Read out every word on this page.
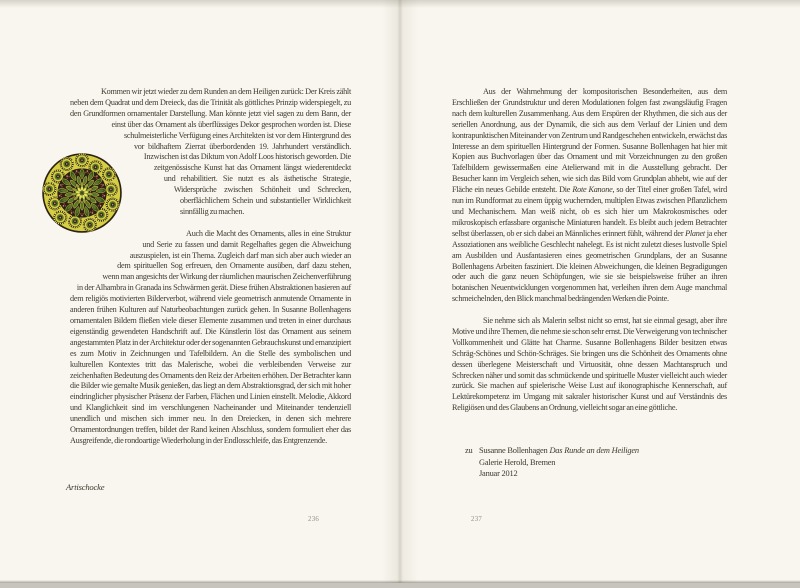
Kommen wir jetzt wieder zu dem Runden an dem Heiligen zurück: Der Kreis zählt neben dem Quadrat und dem Dreieck, das die Trinität als göttliches Prinzip widerspiegelt, zu den Grundformen ornamentaler Darstellung. Man könnte jetzt viel sagen zu dem Bann, der einst über das Ornament als überflüssiges Dekor gesprochen worden ist. Diese schulmeisterliche Verfügung eines Architekten ist vor dem Hintergrund des vor bildhaftem Zierrat überbordenden 19. Jahrhundert verständlich. Inzwischen ist das Diktum von Adolf Loos historisch geworden. Die zeitgenössische Kunst hat das Ornament längst wiederentdeckt und rehabilitiert. Sie nutzt es als ästhetische Strategie, Widersprüche zwischen Schönheit und Schrecken, oberflächlichem Schein und substantieller Wirklichkeit sinnfällig zu machen.

Auch die Macht des Ornaments, alles in eine Struktur und Serie zu fassen und damit Regelhaftes gegen die Abweichung auszuspielen, ist ein Thema. Zugleich darf man sich aber auch wieder an dem spirituellen Sog erfreuen, den Ornamente ausüben, darf dazu stehen, wenn man angesichts der Wirkung der räumlichen maurischen Zeichenverführung in der Alhambra in Granada ins Schwärmen gerät. Diese frühen Abstraktionen basieren auf dem religiös motivierten Bilderverbot, während viele geometrisch anmutende Ornamente in anderen frühen Kulturen auf Naturbeobachtungen zurück gehen. In Susanne Bollenhagens ornamentalen Bildern fließen viele dieser Elemente zusammen und treten in einer durchaus eigenständig gewendeten Handschrift auf. Die Künstlerin löst das Ornament aus seinem angestammten Platz in der Architektur oder der sogenannten Gebrauchskunst und emanzipiert es zum Motiv in Zeichnungen und Tafelbildern. An die Stelle des symbolischen und kulturellen Kontextes tritt das Malerische, wobei die verbleibenden Verweise zur zeichenhaften Bedeutung des Ornaments den Reiz der Arbeiten erhöhen. Der Betrachter kann die Bilder wie gemalte Musik genießen, das liegt an dem Abstraktionsgrad, der sich mit hoher eindringlicher physischer Präsenz der Farben, Flächen und Linien einstellt. Melodie, Akkord und Klanglichkeit sind im verschlungenen Nacheinander und Miteinander tendenziell unendlich und mischen sich immer neu. In den Dreiecken, in denen sich mehrere Ornamentordnungen treffen, bildet der Rand keinen Abschluss, sondern formuliert eher das Ausgreifende, die rondoartige Wiederholung in der Endlosschleife, das Entgrenzende.

Artischocke
236

Aus der Wahrnehmung der kompositorischen Besonderheiten, aus dem Erschließen der Grundstruktur und deren Modulationen folgen fast zwangsläufig Fragen nach dem kulturellen Zusammenhang. Aus dem Erspüren der Rhythmen, die sich aus der seriellen Anordnung, aus der Dynamik, die sich aus dem Verlauf der Linien und dem kontrapunktischen Miteinander von Zentrum und Randgeschehen entwickeln, erwächst das Interesse an dem spirituellen Hintergrund der Formen. Susanne Bollenhagen hat hier mit Kopien aus Buchvorlagen über das Ornament und mit Vorzeichnungen zu den großen Tafelbildern gewissermaßen eine Atelierwand mit in die Ausstellung gebracht. Der Besucher kann im Vergleich sehen, wie sich das Bild vom Grundplan abhebt, wie auf der Fläche ein neues Gebilde entsteht. Die Rote Kanone, so der Titel einer großen Tafel, wird nun im Rundformat zu einem üppig wuchernden, multiplen Etwas zwischen Pflanzlichem und Mechanischem. Man weiß nicht, ob es sich hier um Makrokosmisches oder mikroskopisch erfassbare organische Miniaturen handelt. Es bleibt auch jedem Betrachter selbst überlassen, ob er sich dabei an Männliches erinnert fühlt, während der Planet ja eher Assoziationen ans weibliche Geschlecht nahelegt. Es ist nicht zuletzt dieses lustvolle Spiel am Ausbilden und Ausfantasieren eines geometrischen Grundplans, der an Susanne Bollenhagens Arbeiten fasziniert. Die kleinen Abweichungen, die kleinen Begradigungen oder auch die ganz neuen Schöpfungen, wie sie sie beispielsweise früher an ihren botanischen Neuentwicklungen vorgenommen hat, verleihen ihren dem Auge manchmal schmeichelnden, den Blick manchmal bedrängenden Werken die Pointe.

Sie nehme sich als Malerin selbst nicht so ernst, hat sie einmal gesagt, aber ihre Motive und ihre Themen, die nehme sie schon sehr ernst. Die Verweigerung von technischer Vollkommenheit und Glätte hat Charme. Susanne Bollenhagens Bilder besitzen etwas Schräg-Schönes und Schön-Schräges. Sie bringen uns die Schönheit des Ornaments ohne dessen überlegene Meisterschaft und Virtuosität, ohne dessen Machtanspruch und Schrecken näher und somit das schmückende und spirituelle Muster vielleicht auch wieder zurück. Sie machen auf spielerische Weise Lust auf ikonographische Kennerschaft, auf Lektürekompetenz im Umgang mit sakraler historischer Kunst und auf Verständnis des Religiösen und des Glaubens an Ordnung, vielleicht sogar an eine göttliche.

zu Susanne Bollenhagen Das Runde an dem Heiligen
Galerie Herold, Bremen
Januar 2012
237
